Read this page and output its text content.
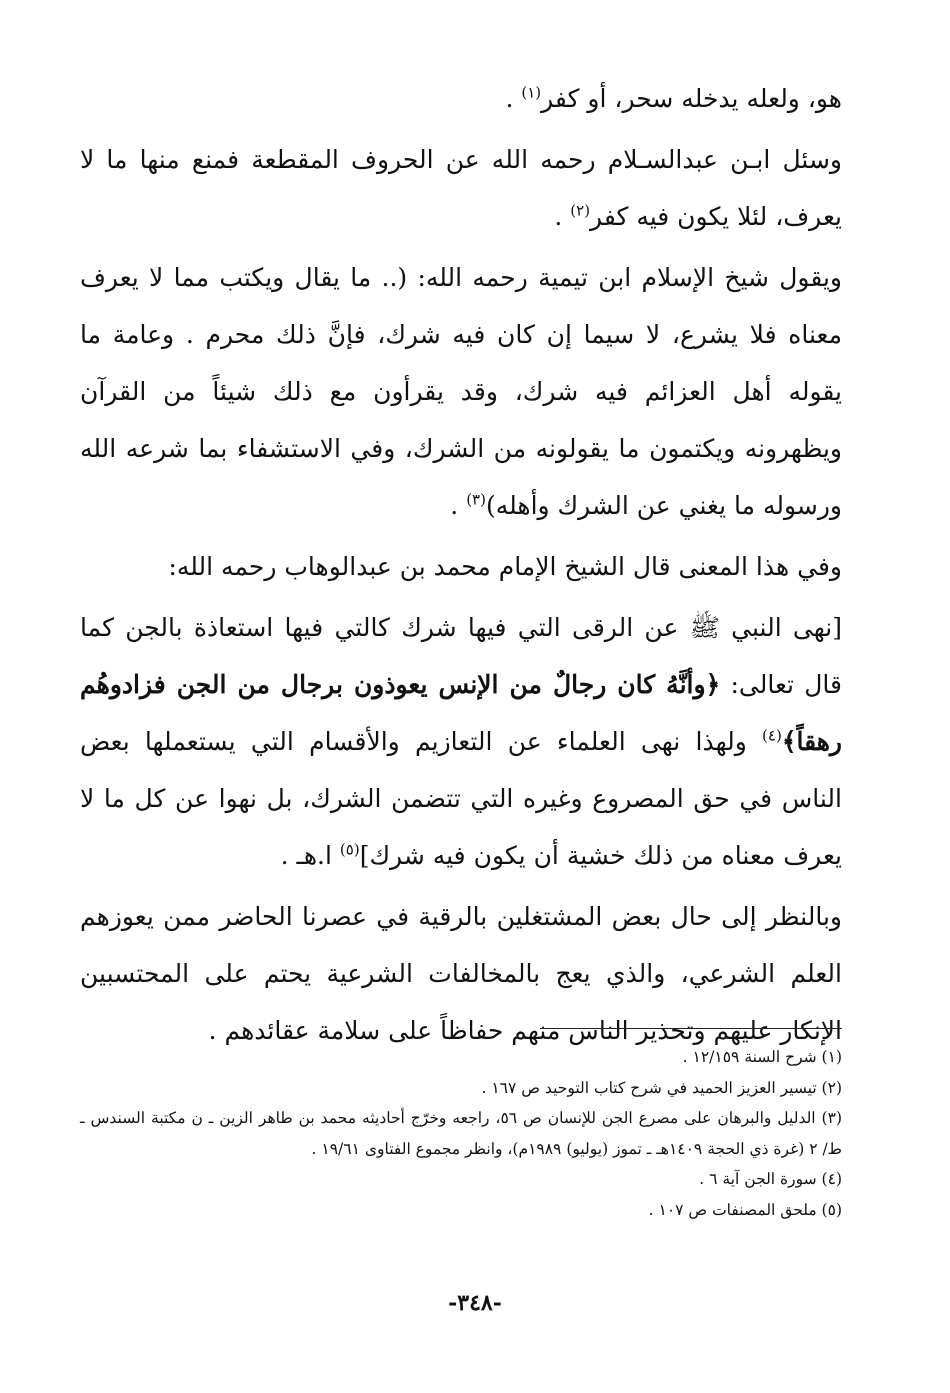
هو، ولعله يدخله سحر، أو كفر$^{(١)}$ .

وسئل ابـن عبدالسـلام رحمه الله عن الحروف المقطعة فمنع منها ما لا يعرف، لئلا يكون فيه كفر$^{(٢)}$ .

ويقول شيخ الإسلام ابن تيمية رحمه الله: (.. ما يقال ويكتب مما لا يعرف معناه فلا يشرع، لا سيما إن كان فيه شرك، فإنَّ ذلك محرم . وعامة ما يقوله أهل العزائم فيه شرك، وقد يقرأون مع ذلك شيئاً من القرآن ويظهرونه ويكتمون ما يقولونه من الشرك، وفي الاستشفاء بما شرعه الله ورسوله ما يغني عن الشرك وأهله)$^{(٣)}$ .

وفي هذا المعنى قال الشيخ الإمام محمد بن عبدالوهاب رحمه الله:

[نهى النبي ﷺ عن الرقى التي فيها شرك كالتي فيها استعاذة بالجن كما قال تعالى: ﴿وأنَّهُ كان رجالٌ من الإنس يعوذون برجال من الجن فزادوهُم رهقاً﴾$^{(٤)}$ ولهذا نهى العلماء عن التعازيم والأقسام التي يستعملها بعض الناس في حق المصروع وغيره التي تتضمن الشرك، بل نهوا عن كل ما لا يعرف معناه من ذلك خشية أن يكون فيه شرك]$^{(٥)}$ ا.هـ .

وبالنظر إلى حال بعض المشتغلين بالرقية في عصرنا الحاضر ممن يعوزهم العلم الشرعي، والذي يعج بالمخالفات الشرعية يحتم على المحتسبين الإنكار عليهم وتحذير الناس منهم حفاظاً على سلامة عقائدهم .

(١) شرح السنة ١٢/١٥٩ .

(٢) تيسير العزيز الحميد في شرح كتاب التوحيد ص ١٦٧ .

(٣) الدليل والبرهان على مصرع الجن للإنسان ص ٥٦، راجعه وخرّج أحاديثه محمد بن طاهر الزين ـ ن مكتبة السندس ـ ط/ ٢ (غرة ذي الحجة ١٤٠٩هـ ـ تموز (يوليو) ١٩٨٩م)، وانظر مجموع الفتاوى ١٩/٦١ .

(٤) سورة الجن آية ٦ .

(٥) ملحق المصنفات ص ١٠٧ .

-٣٤٨-
